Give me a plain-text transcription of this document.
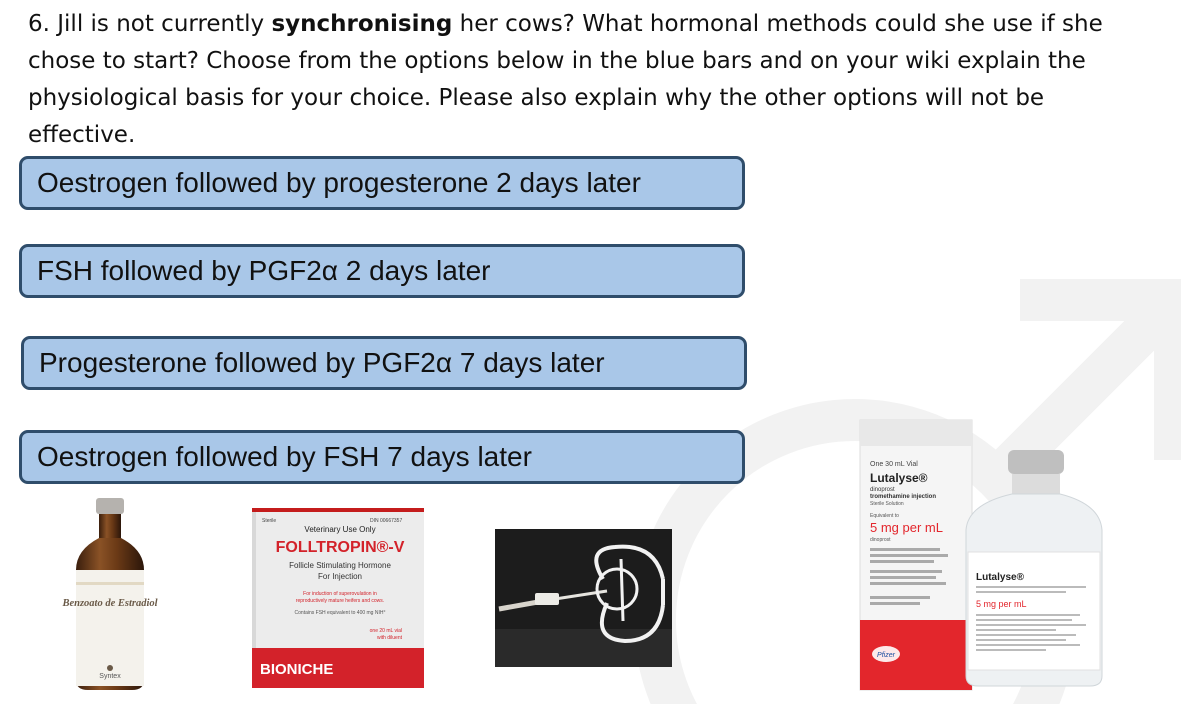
6. Jill is not currently synchronising her cows? What hormonal methods could she use if she chose to start? Choose from the options below in the blue bars and on your wiki explain the physiological basis for your choice. Please also explain why the other options will not be effective.
Oestrogen followed by progesterone 2 days later
FSH followed by PGF2α 2 days later
Progesterone followed by PGF2α 7 days later
Oestrogen followed by FSH 7 days later
Benzoato de Estradiol
Syntex
Sterile	DIN 00667357
Veterinary Use Only
FOLLTROPIN®-V
Follicle Stimulating Hormone
For Injection
For induction of superovulation in
reproductively mature heifers and cows.
Contains FSH equivalent to 400 mg NIH°
one 20 mL vial
with diluent
BIONICHE
One 30 mL Vial
Lutalyse®
dinoprost
tromethamine injection
Sterile Solution
Equivalent to
5 mg per mL
dinoprost
Pfizer
Lutalyse®
5 mg per mL
